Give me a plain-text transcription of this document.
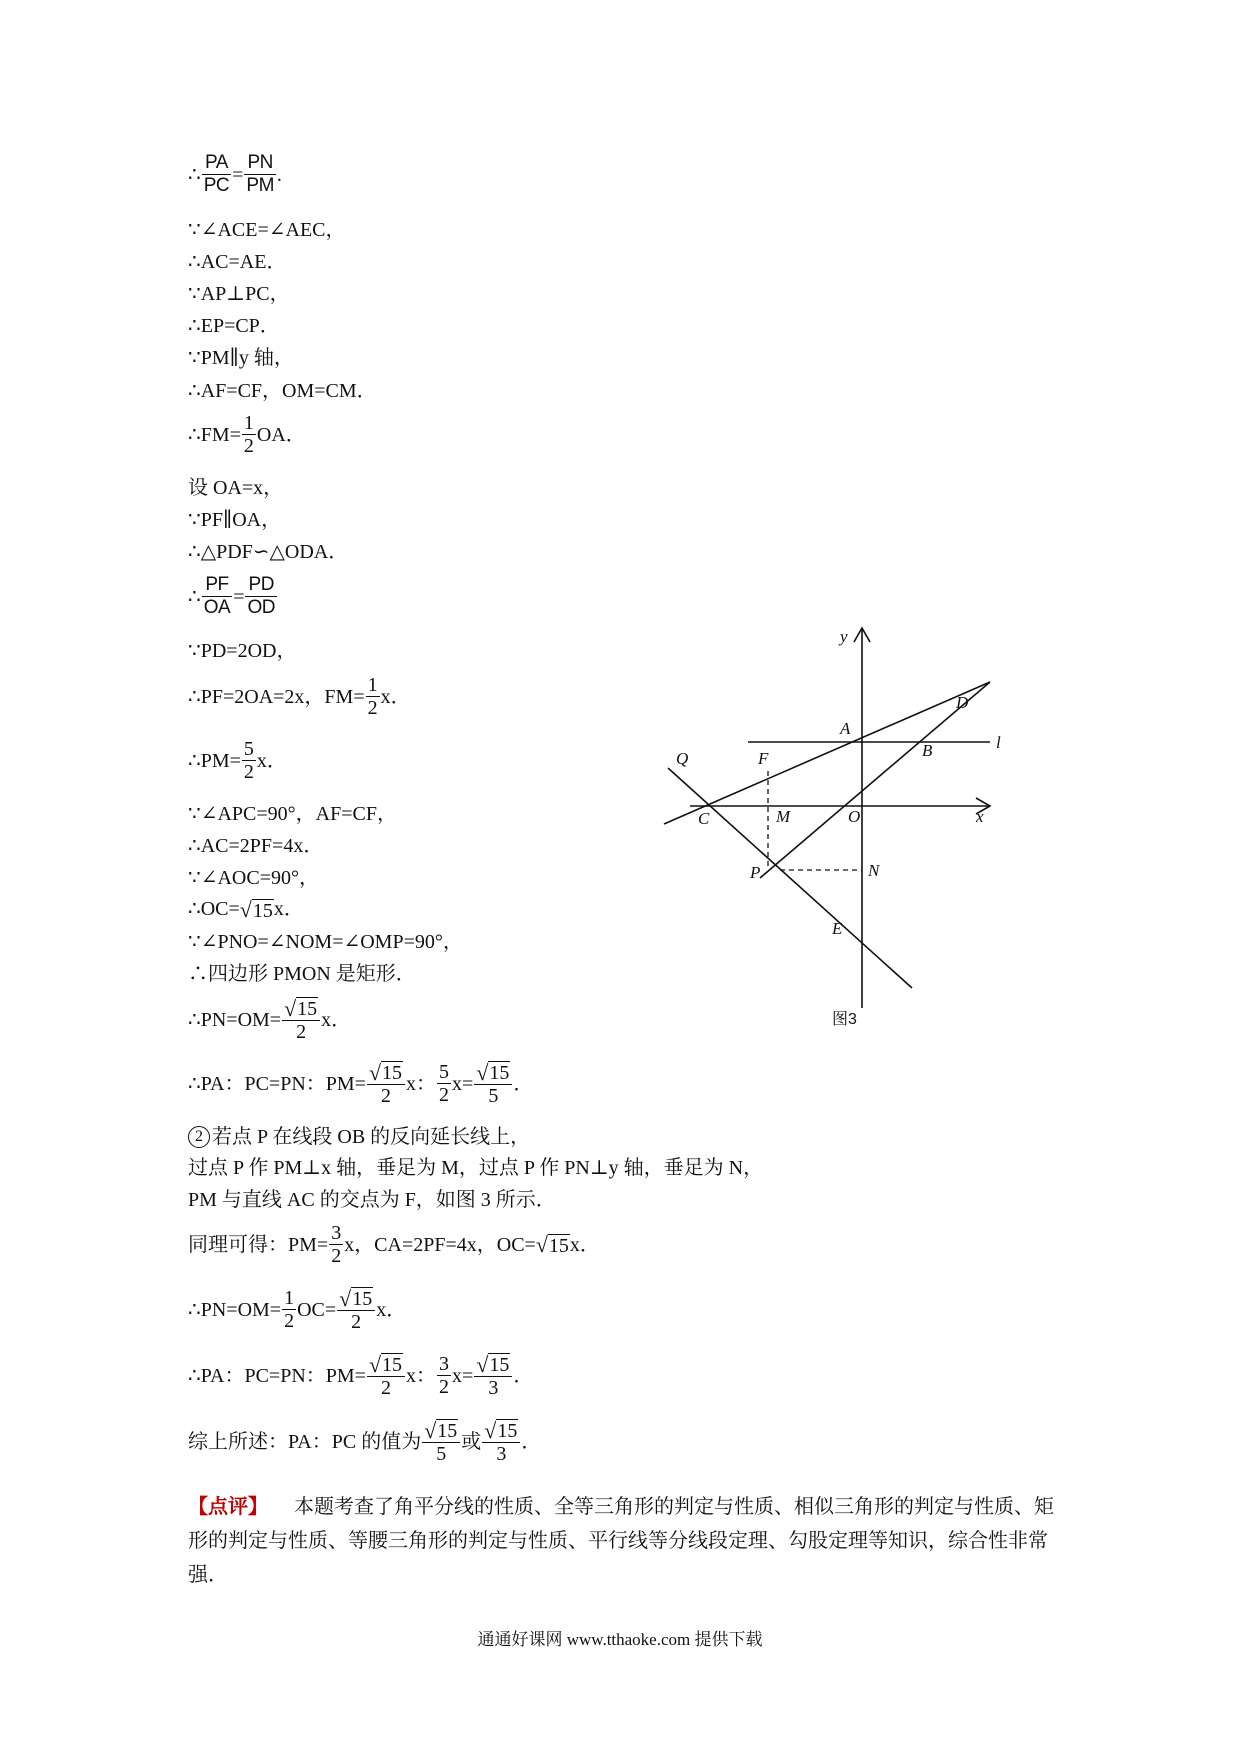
∴ $\frac{PA}{PC} = \frac{PN}{PM}$ .
∵∠ACE=∠AEC，
∴AC=AE．
∵AP⊥PC，
∴EP=CP．
∵PM∥y 轴，
∴AF=CF，OM=CM．
∴FM= $\frac{1}{2}$ OA．
设 OA=x，
∵PF∥OA，
∴△PDF∽△ODA．
∴ $\frac{PF}{OA} = \frac{PD}{OD}$
∵PD=2OD，
∴PF=2OA=2x，$FM= \frac{1}{2}$ x．
∴PM= $\frac{5}{2}$ x．
∵∠APC=90°，AF=CF，
∴AC=2PF=4x．
∵∠AOC=90°，
∴OC=√15x．
∵∠PNO=∠NOM=∠OMP=90°，
∴四边形 PMON 是矩形．
∴PN=OM= $\frac{√15}{2}$ x．
∴PA：PC=PN：$PM= \frac{√15}{2}$ x： $\frac{5}{2} x= \frac{√15}{5}$ ．
2 若点 P 在线段 OB 的反向延长线上，
过点 P 作 PM⊥x 轴，垂足为 M，过点 P 作 PN⊥y 轴，垂足为 N，
PM 与直线 AC 的交点为 F，如图 3 所示．
同理可得：$PM= \frac{3}{2}$ x，CA=2PF=4x，OC=√15x．
∴PN=OM= $\frac{1}{2} OC= \frac{√15}{2}$ x．
∴PA：PC=PN：$PM= \frac{√15}{2}$ x： $\frac{3}{2} x= \frac{√15}{3}$ ．
综上所述：PA：PC 的值为 $\frac{√15}{5}$ 或 $\frac{√15}{3}$ ．
【点评】 本题考查了角平分线的性质、全等三角形的判定与性质、相似三角形的判定与性质、矩形的判定与性质、等腰三角形的判定与性质、平行线等分线段定理、勾股定理等知识，综合性非常强．
y
D
A
l
B
Q	F
C	M	O	x
P	N
E
图3
通通好课网 www.tthaoke.com 提供下载
